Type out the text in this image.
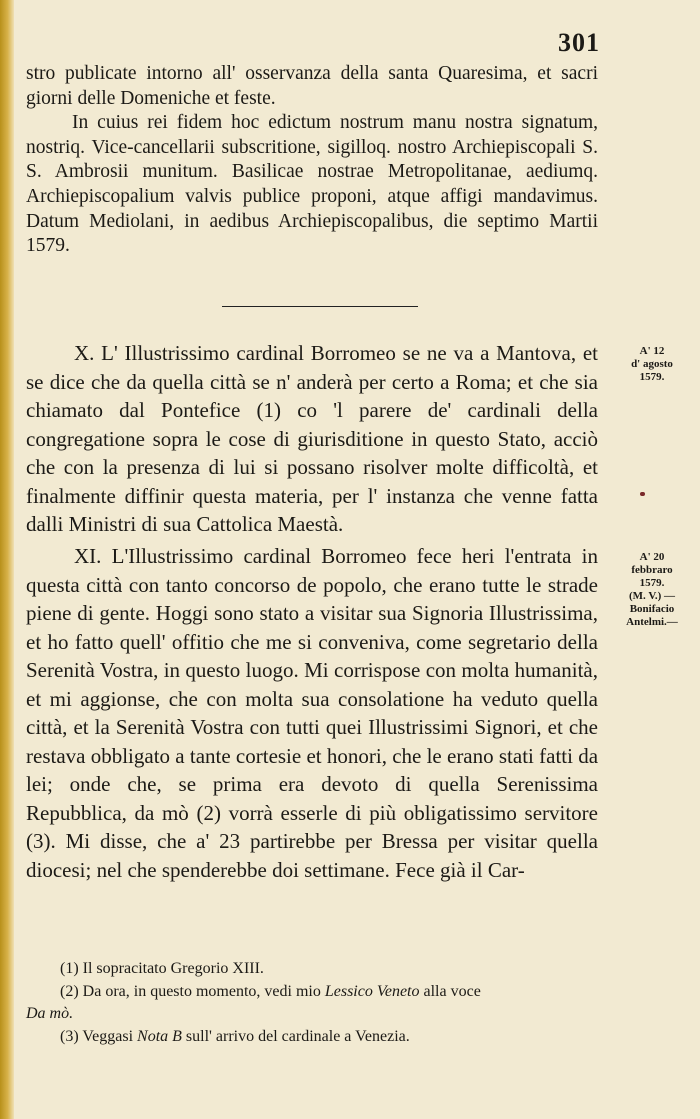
301

stro publicate intorno all' osservanza della santa Quaresima, et sacri giorni delle Domeniche et feste.

In cuius rei fidem hoc edictum nostrum manu nostra signatum, nostriq. Vice-cancellarii subscritione, sigilloq. nostro Archiepiscopali S. S. Ambrosii munitum. Basilicae nostrae Metropolitanae, aediumq. Archiepiscopalium valvis publice proponi, atque affigi mandavimus. Datum Mediolani, in aedibus Archiepiscopalibus, die septimo Martii 1579.

X. L' Illustrissimo cardinal Borromeo se ne va a Mantova, et se dice che da quella città se n' anderà per certo a Roma; et che sia chiamato dal Pontefice (1) co 'l parere de' cardinali della congregatione sopra le cose di giurisditione in questo Stato, acciò che con la presenza di lui si possano risolver molte difficoltà, et finalmente diffinir questa materia, per l' instanza che venne fatta dalli Ministri di sua Cattolica Maestà.

XI. L'Illustrissimo cardinal Borromeo fece heri l'entrata in questa città con tanto concorso de popolo, che erano tutte le strade piene di gente. Hoggi sono stato a visitar sua Signoria Illustrissima, et ho fatto quell' offitio che me si conveniva, come segretario della Serenità Vostra, in questo luogo. Mi corrispose con molta humanità, et mi aggionse, che con molta sua consolatione ha veduto quella città, et la Serenità Vostra con tutti quei Illustrissimi Signori, et che restava obbligato a tante cortesie et honori, che le erano stati fatti da lei; onde che, se prima era devoto di quella Serenissima Repubblica, da mò (2) vorrà esserle di più obligatissimo servitore (3). Mi disse, che a' 23 partirebbe per Bressa per visitar quella diocesi; nel che spenderebbe doi settimane. Fece già il Car-

A' 12
d' agosto
1579.
A' 20
febbraro
1579.
(M. V.) —
Bonifacio
Antelmi.—

(1) Il sopracitato Gregorio XIII.

(2) Da ora, in questo momento, vedi mio Lessico Veneto alla voce

Da mò.

(3) Veggasi Nota B sull' arrivo del cardinale a Venezia.
